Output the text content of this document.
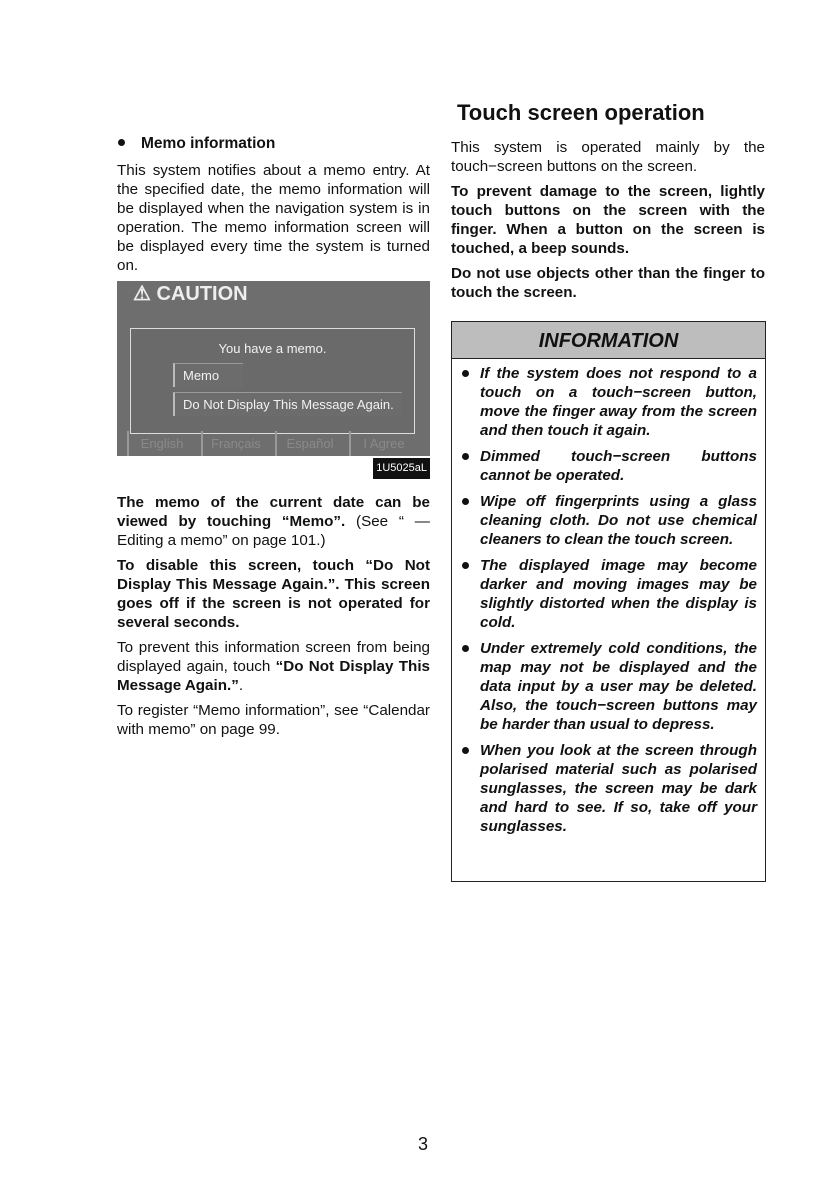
Memo information

This system notifies about a memo entry. At the specified date, the memo information will be displayed when the navigation system is in operation. The memo information screen will be displayed every time the system is turned on.

⚠ CAUTION
You have a memo.
Memo
Do Not Display This Message Again.
English	Français	Español	I Agree
1U5025aL

The memo of the current date can be viewed by touching “Memo”. (See “ — Editing a memo” on page 101.)

To disable this screen, touch “Do Not Display This Message Again.”. This screen goes off if the screen is not operated for several seconds.

To prevent this information screen from being displayed again, touch “Do Not Display This Message Again.”.

To register “Memo information”, see “Calendar with memo” on page 99.

Touch screen operation

This system is operated mainly by the touch−screen buttons on the screen.

To prevent damage to the screen, lightly touch buttons on the screen with the finger. When a button on the screen is touched, a beep sounds.

Do not use objects other than the finger to touch the screen.

INFORMATION
If the system does not respond to a touch on a touch−screen button, move the finger away from the screen and then touch it again.
Dimmed touch−screen buttons cannot be operated.
Wipe off fingerprints using a glass cleaning cloth. Do not use chemical cleaners to clean the touch screen.
The displayed image may become darker and moving images may be slightly distorted when the display is cold.
Under extremely cold conditions, the map may not be displayed and the data input by a user may be deleted. Also, the touch−screen buttons may be harder than usual to depress.
When you look at the screen through polarised material such as polarised sunglasses, the screen may be dark and hard to see. If so, take off your sunglasses.
3
